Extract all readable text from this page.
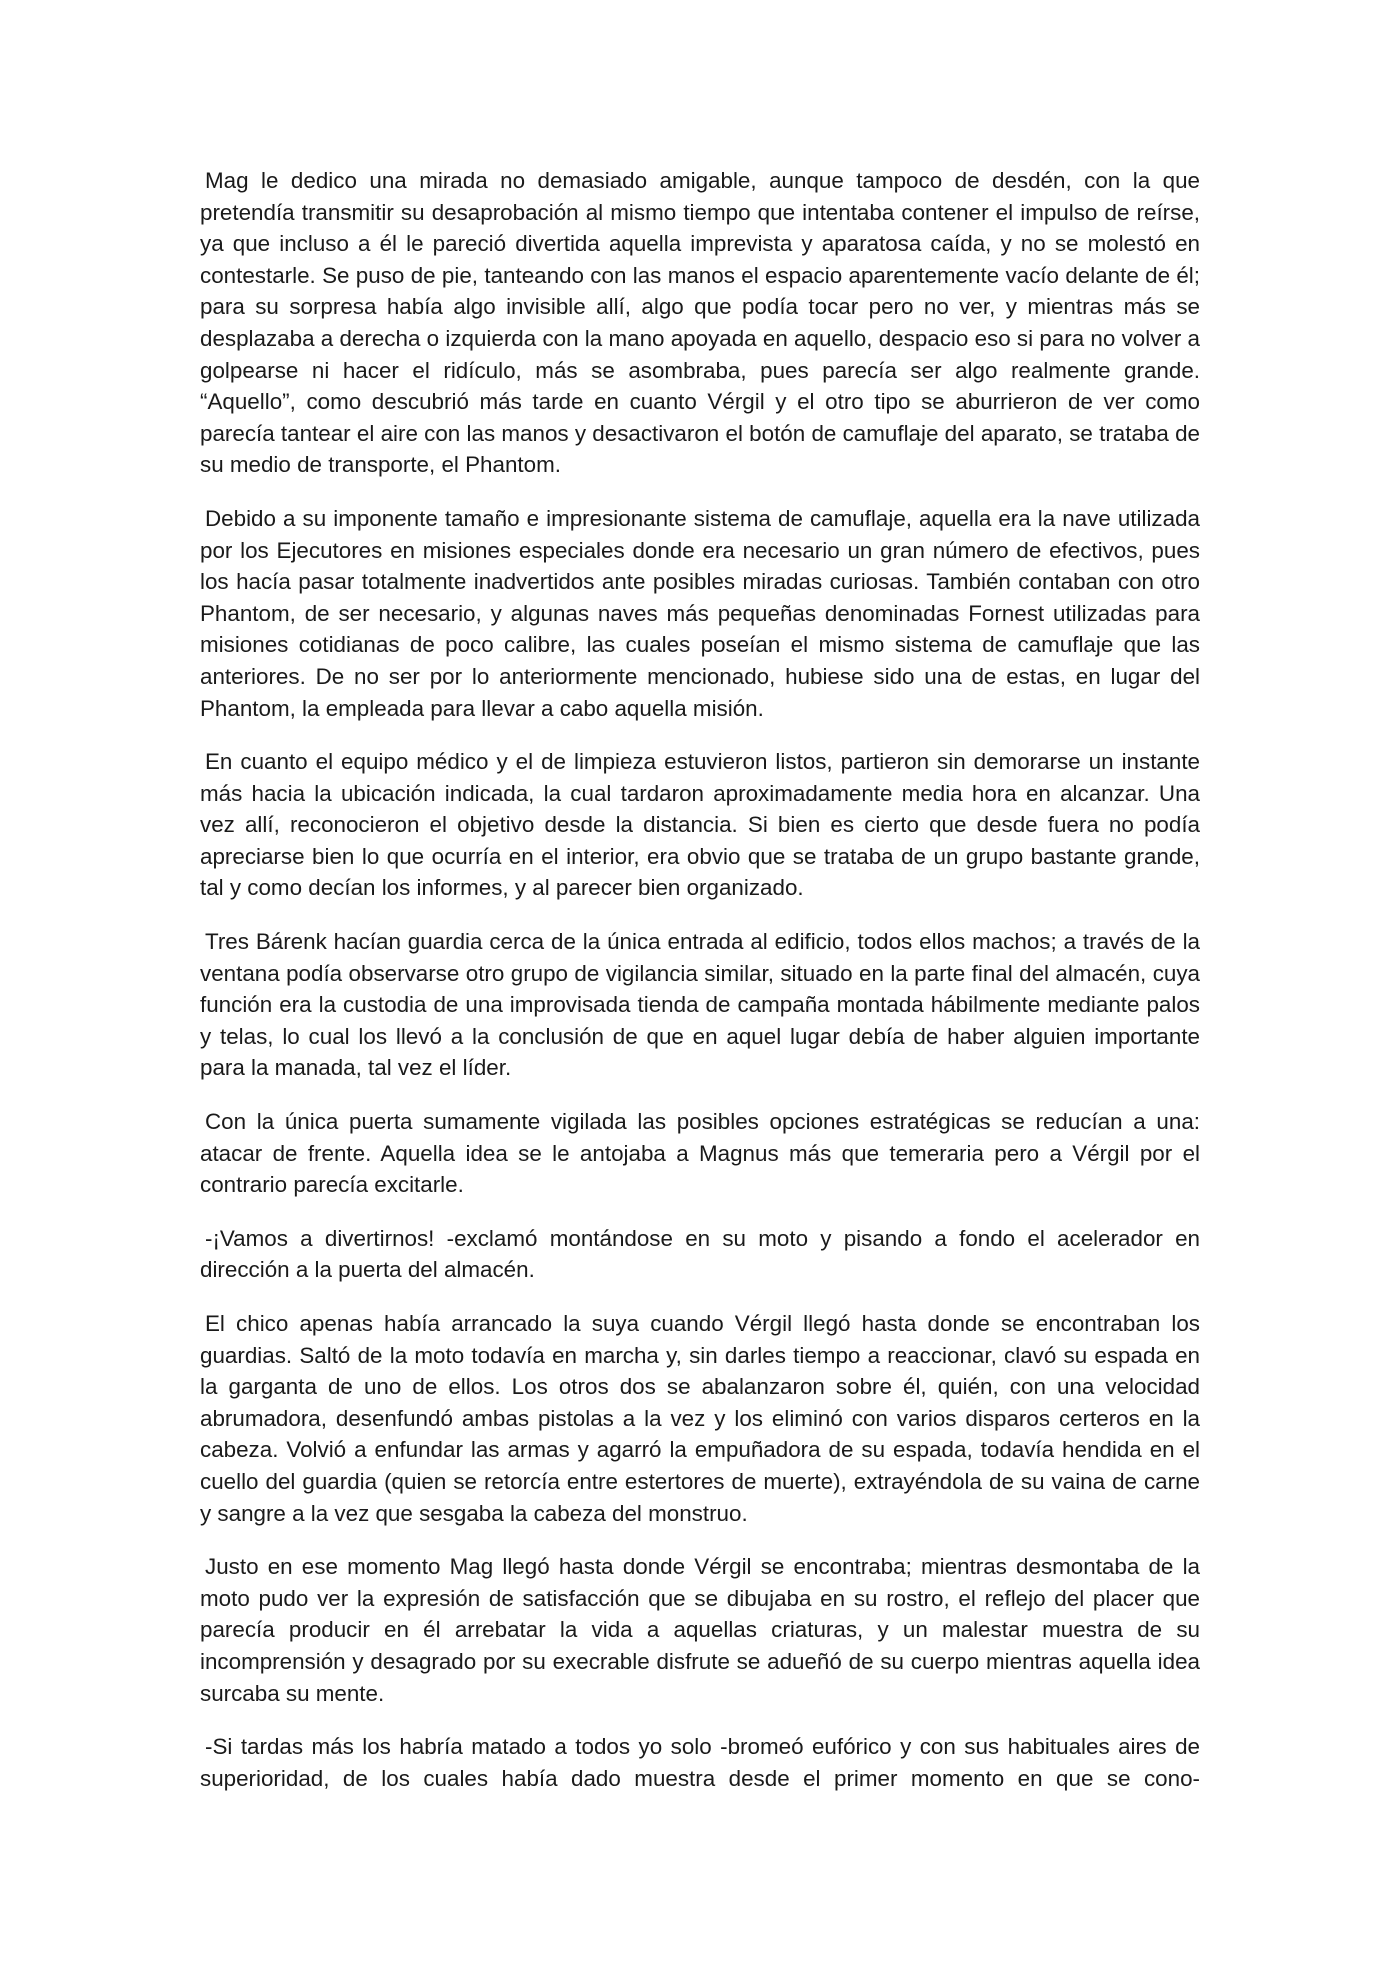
Mag le dedico una mirada no demasiado amigable, aunque tampoco de desdén, con la que pretendía transmitir su desaprobación al mismo tiempo que intentaba contener el impulso de reírse, ya que incluso a él le pareció divertida aquella imprevista y aparatosa caída, y no se molestó en contestarle. Se puso de pie, tanteando con las manos el espacio aparentemente vacío delante de él; para su sorpresa había algo invisible allí, algo que podía tocar pero no ver, y mientras más se desplazaba a derecha o izquierda con la mano apoyada en aquello, despacio eso si para no volver a golpearse ni hacer el ridículo, más se asombraba, pues parecía ser algo realmente grande. “Aquello”, como descubrió más tarde en cuanto Vérgil y el otro tipo se aburrieron de ver como parecía tantear el aire con las manos y desactivaron el botón de camuflaje del aparato, se trataba de su medio de transporte, el Phantom.

Debido a su imponente tamaño e impresionante sistema de camuflaje, aquella era la nave utilizada por los Ejecutores en misiones especiales donde era necesario un gran número de efectivos, pues los hacía pasar totalmente inadvertidos ante posibles miradas curiosas. También contaban con otro Phantom, de ser necesario, y algunas naves más pequeñas denominadas Fornest utilizadas para misiones cotidianas de poco calibre, las cuales poseían el mismo sistema de camuflaje que las anteriores. De no ser por lo anteriormente mencionado, hubiese sido una de estas, en lugar del Phantom, la empleada para llevar a cabo aquella misión.

En cuanto el equipo médico y el de limpieza estuvieron listos, partieron sin demorarse un instante más hacia la ubicación indicada, la cual tardaron aproximadamente media hora en alcanzar. Una vez allí, reconocieron el objetivo desde la distancia. Si bien es cierto que desde fuera no podía apreciarse bien lo que ocurría en el interior, era obvio que se trataba de un grupo bastante grande, tal y como decían los informes, y al parecer bien organizado.

Tres Bárenk hacían guardia cerca de la única entrada al edificio, todos ellos machos; a través de la ventana podía observarse otro grupo de vigilancia similar, situado en la parte final del almacén, cuya función era la custodia de una improvisada tienda de campaña montada hábilmente mediante palos y telas, lo cual los llevó a la conclusión de que en aquel lugar debía de haber alguien importante para la manada, tal vez el líder.

Con la única puerta sumamente vigilada las posibles opciones estratégicas se reducían a una: atacar de frente. Aquella idea se le antojaba a Magnus más que temeraria pero a Vérgil por el contrario parecía excitarle.

-¡Vamos a divertirnos! -exclamó montándose en su moto y pisando a fondo el acelerador en dirección a la puerta del almacén.

El chico apenas había arrancado la suya cuando Vérgil llegó hasta donde se encontraban los guardias. Saltó de la moto todavía en marcha y, sin darles tiempo a reaccionar, clavó su espada en la garganta de uno de ellos. Los otros dos se abalanzaron sobre él, quién, con una velocidad abrumadora, desenfundó ambas pistolas a la vez y los eliminó con varios disparos certeros en la cabeza. Volvió a enfundar las armas y agarró la empuñadora de su espada, todavía hendida en el cuello del guardia (quien se retorcía entre estertores de muerte), extrayéndola de su vaina de carne y sangre a la vez que sesgaba la cabeza del monstruo.

Justo en ese momento Mag llegó hasta donde Vérgil se encontraba; mientras desmontaba de la moto pudo ver la expresión de satisfacción que se dibujaba en su rostro, el reflejo del placer que parecía producir en él arrebatar la vida a aquellas criaturas, y un malestar muestra de su incomprensión y desagrado por su execrable disfrute se adueñó de su cuerpo mientras aquella idea surcaba su mente.

-Si tardas más los habría matado a todos yo solo -bromeó eufórico y con sus habituales aires de superioridad, de los cuales había dado muestra desde el primer momento en que se cono-
